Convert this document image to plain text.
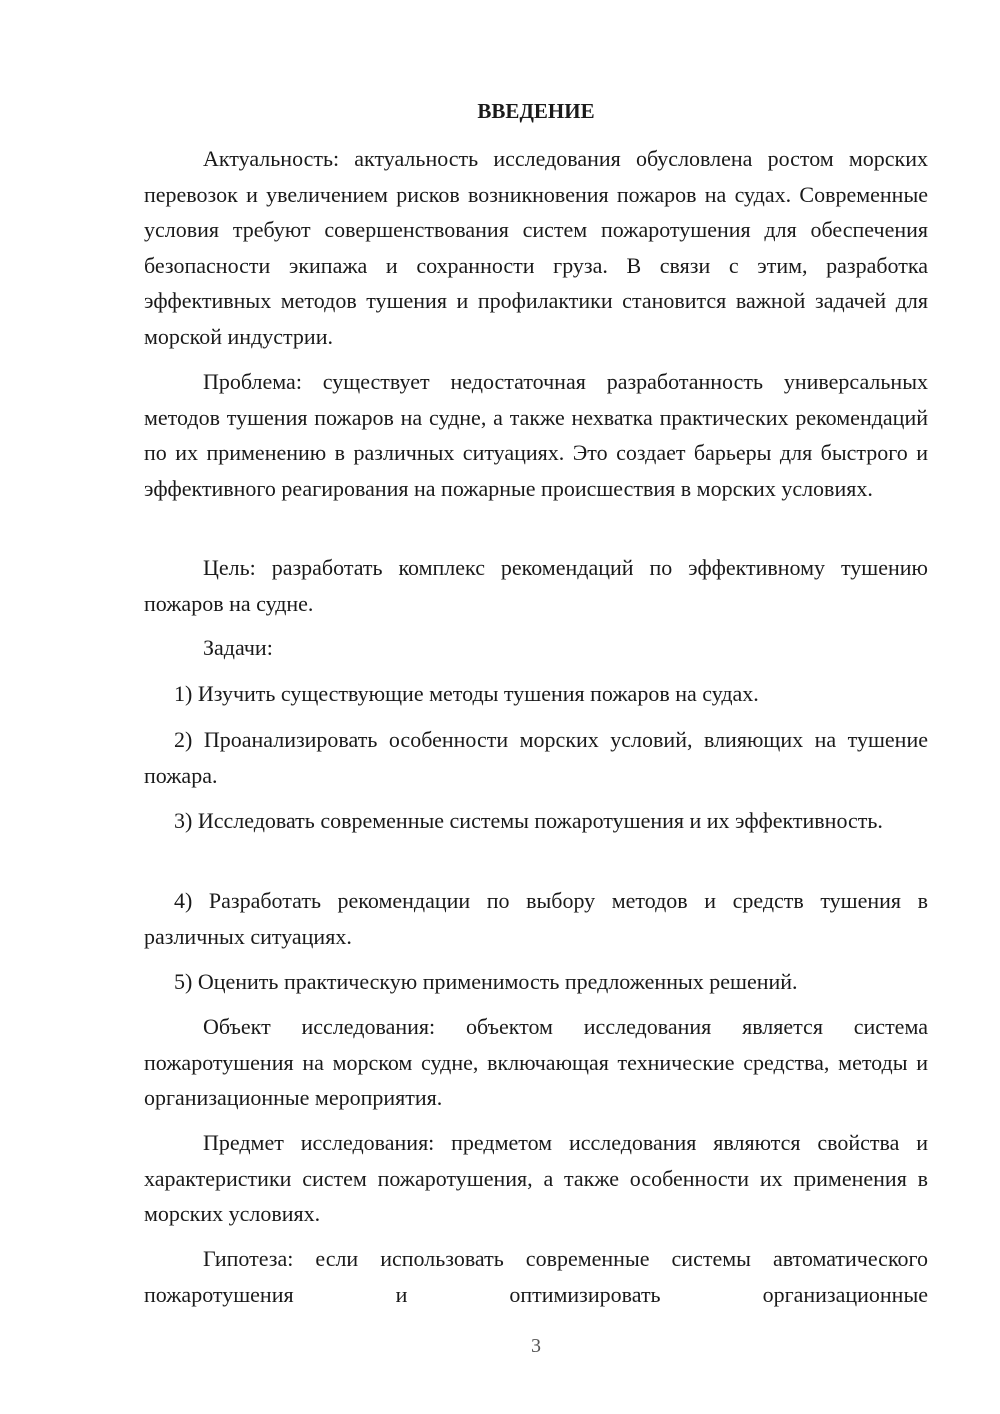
ВВЕДЕНИЕ

Актуальность: актуальность исследования обусловлена ростом морских перевозок и увеличением рисков возникновения пожаров на судах. Современные условия требуют совершенствования систем пожаротушения для обеспечения безопасности экипажа и сохранности груза. В связи с этим, разработка эффективных методов тушения и профилактики становится важной задачей для морской индустрии.

Проблема: существует недостаточная разработанность универсальных методов тушения пожаров на судне, а также нехватка практических рекомендаций по их применению в различных ситуациях. Это создает барьеры для быстрого и эффективного реагирования на пожарные происшествия в морских условиях.

Цель: разработать комплекс рекомендаций по эффективному тушению пожаров на судне.

Задачи:

1) Изучить существующие методы тушения пожаров на судах.

2) Проанализировать особенности морских условий, влияющих на тушение пожара.

3) Исследовать современные системы пожаротушения и их эффективность.

4) Разработать рекомендации по выбору методов и средств тушения в различных ситуациях.

5) Оценить практическую применимость предложенных решений.

Объект исследования: объектом исследования является система пожаротушения на морском судне, включающая технические средства, методы и организационные мероприятия.

Предмет исследования: предметом исследования являются свойства и характеристики систем пожаротушения, а также особенности их применения в морских условиях.

Гипотеза: если использовать современные системы автоматического пожаротушения и оптимизировать организационные

3
